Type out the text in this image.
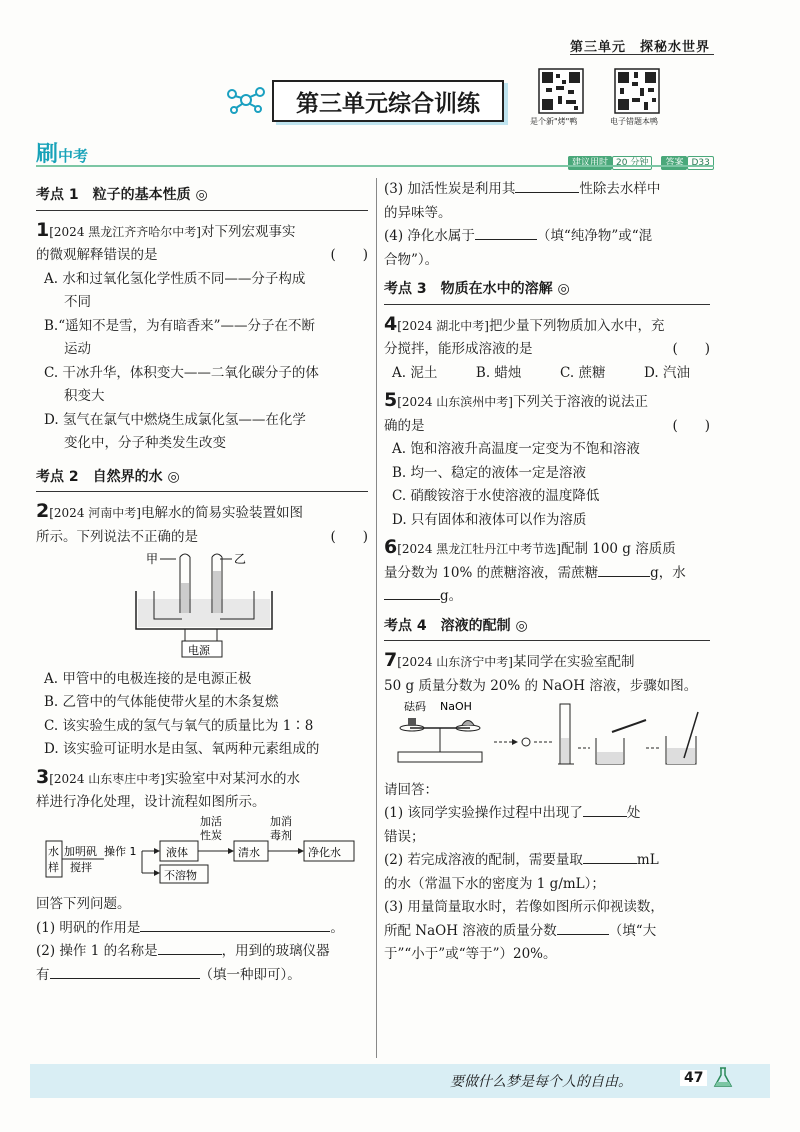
第三单元　 探秘水世界
第三单元综合训练
是个新"烤"鸭	电子错题本鸭
刷中考	建议用时 20 分钟 答案 D33
考点 1　粒子的基本性质 ◎
1[2024 黑龙江齐齐哈尔中考]对下列宏观事实
的微观解释错误的是	(　　)
A. 水和过氧化氢化学性质不同——分子构成
不同
B.“遥知不是雪，为有暗香来”——分子在不断
运动
C. 干冰升华，体积变大——二氧化碳分子的体
积变大
D. 氢气在氯气中燃烧生成氯化氢——在化学
变化中，分子种类发生改变
考点 2　自然界的水 ◎
2[2024 河南中考]电解水的简易实验装置如图
所示。下列说法不正确的是	(　　)
甲	乙
电源
A. 甲管中的电极连接的是电源正极
B. 乙管中的气体能使带火星的木条复燃
C. 该实验生成的氢气与氧气的质量比为 1∶8
D. 该实验可证明水是由氢、氧两种元素组成的
3[2024 山东枣庄中考]实验室中对某河水的水
样进行净化处理，设计流程如图所示。
水
样
加明矾
搅拌
操作 1	液体
不溶物
加活
性炭
清水
加消
毒剂
净化水
回答下列问题。
(1) 明矾的作用是	。
(2) 操作 1 的名称是	，用到的玻璃仪器
有	（填一种即可）。
(3) 加活性炭是利用其	性除去水样中
的异味等。
(4) 净化水属于	（填“纯净物”或“混
合物”）。
考点 3　物质在水中的溶解 ◎
4[2024 湖北中考]把少量下列物质加入水中，充
分搅拌，能形成溶液的是	(　　)
A. 泥土	B. 蜡烛	C. 蔗糖	D. 汽油
5[2024 山东滨州中考]下列关于溶液的说法正
确的是	(　　)
A. 饱和溶液升高温度一定变为不饱和溶液
B. 均一、稳定的液体一定是溶液
C. 硝酸铵溶于水使溶液的温度降低
D. 只有固体和液体可以作为溶质
6[2024 黑龙江牡丹江中考节选]配制 100 g 溶质质
量分数为 10% 的蔗糖溶液，需蔗糖	g，水
g。
考点 4　溶液的配制 ◎
7[2024 山东济宁中考]某同学在实验室配制
50 g 质量分数为 20% 的 NaOH 溶液，步骤如图。
砝码 NaOH
请回答：
(1) 该同学实验操作过程中出现了	处
错误；
(2) 若完成溶液的配制，需要量取	mL
的水（常温下水的密度为 1 g/mL）；
(3) 用量筒量取水时，若像如图所示仰视读数，
所配 NaOH 溶液的质量分数	（填“大
于”“小于”或“等于”）20%。
要做什么梦是每个人的自由。	47
